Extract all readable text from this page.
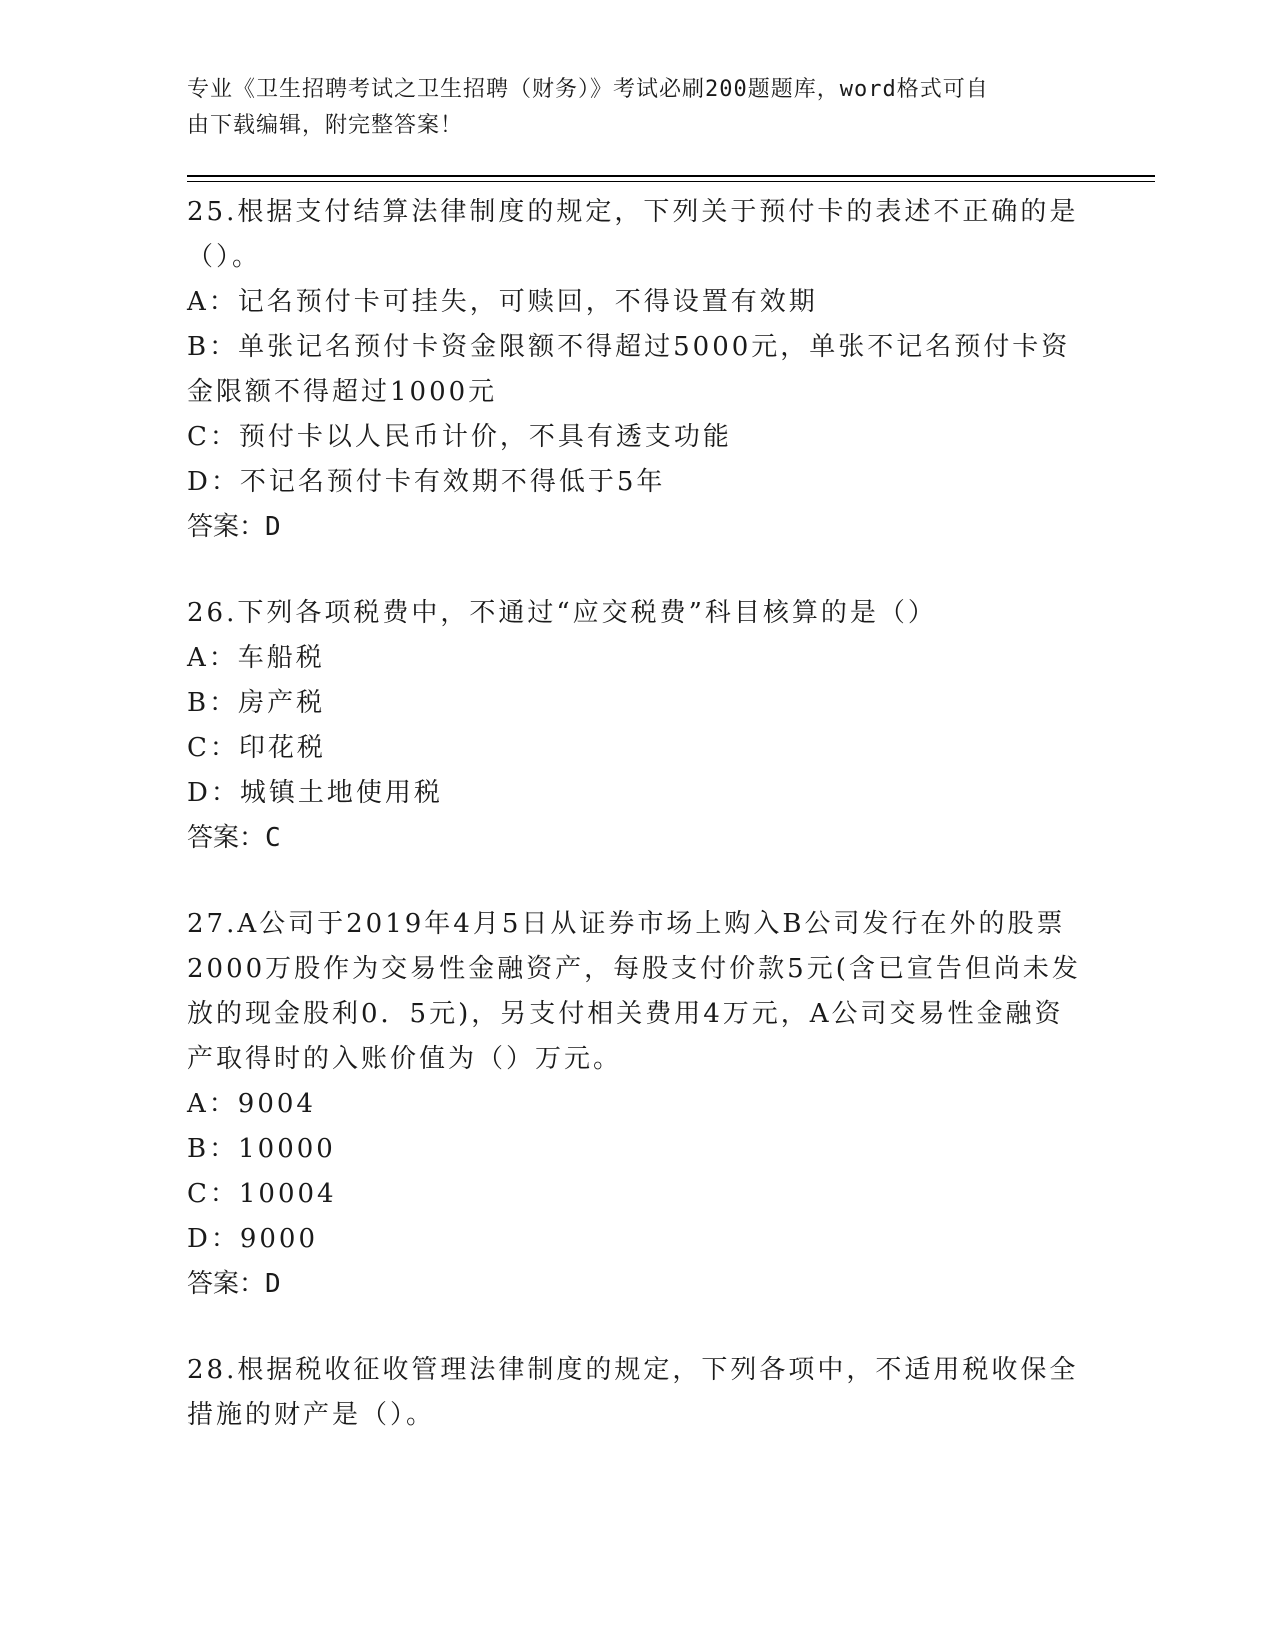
专业《卫生招聘考试之卫生招聘（财务）》考试必刷200题题库，word格式可自
由下载编辑，附完整答案！
25.根据支付结算法律制度的规定，下列关于预付卡的表述不正确的是
（）。
A：记名预付卡可挂失，可赎回，不得设置有效期
B：单张记名预付卡资金限额不得超过5000元，单张不记名预付卡资
金限额不得超过1000元
C：预付卡以人民币计价，不具有透支功能
D：不记名预付卡有效期不得低于5年
答案：D
26.下列各项税费中，不通过“应交税费”科目核算的是（）
A：车船税
B：房产税
C：印花税
D：城镇土地使用税
答案：C
27.A公司于2019年4月5日从证券市场上购入B公司发行在外的股票
2000万股作为交易性金融资产，每股支付价款5元(含已宣告但尚未发
放的现金股利0．5元)，另支付相关费用4万元，A公司交易性金融资
产取得时的入账价值为（）万元。
A：9004
B：10000
C：10004
D：9000
答案：D
28.根据税收征收管理法律制度的规定，下列各项中，不适用税收保全
措施的财产是（）。
